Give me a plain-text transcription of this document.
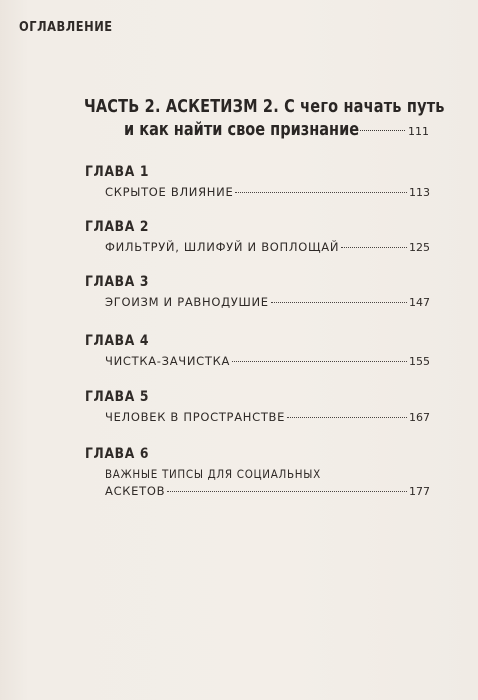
ОГЛАВЛЕНИЕ
ЧАСТЬ 2. АСКЕТИЗМ 2. С чего начать путь
и как найти свое признание	111
ГЛАВА 1
СКРЫТОЕ ВЛИЯНИЕ	113
ГЛАВА 2
ФИЛЬТРУЙ, ШЛИФУЙ И ВОПЛОЩАЙ	125
ГЛАВА 3
ЭГОИЗМ И РАВНОДУШИЕ	147
ГЛАВА 4
ЧИСТКА-ЗАЧИСТКА	155
ГЛАВА 5
ЧЕЛОВЕК В ПРОСТРАНСТВЕ	167
ГЛАВА 6
ВАЖНЫЕ ТИПСЫ ДЛЯ СОЦИАЛЬНЫХ
АСКЕТОВ	177
